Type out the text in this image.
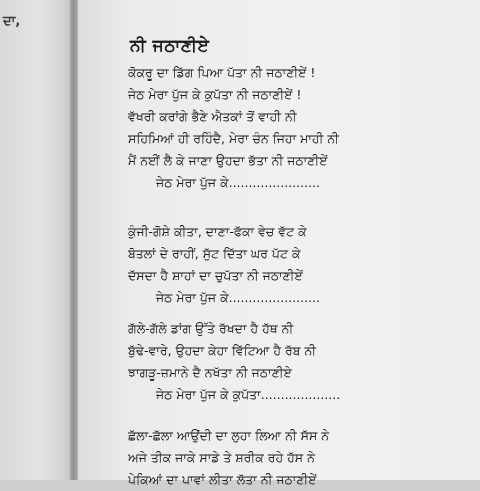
ਦਾ,
ਨੀ ਜਠਾਣੀਏ
ਕੋਕਰੂ ਦਾ ਡਿੱਗ ਪਿਆ ਪੱਤਾ ਨੀ ਜਠਾਣੀਏਂ !
ਜੇਠ ਮੇਰਾ ਪੁੱਜ ਕੇ ਕੁਪੱਤਾ ਨੀ ਜਠਾਣੀਏਂ !
ਵੱਖਰੀ ਕਰਾਂਗੇ ਭੈਣੇ ਐਤਕਾਂ ਤੋਂ ਵਾਹੀ ਨੀ
ਸਹਿਮਿਆਂ ਹੀ ਰਹਿੰਦੈ, ਮੇਰਾ ਚੰਨ ਜਿਹਾ ਮਾਹੀ ਨੀ
ਮੈਂ ਨਈਂ ਲੈ ਕੇ ਜਾਣਾ ਉਹਦਾ ਭੱਤਾ ਨੀ ਜਠਾਣੀਏਂ
ਜੇਠ ਮੇਰਾ ਪੁੱਜ ਕੇ.......................
ਕੁੰਜੀ-ਗੋਸ਼ੇ ਕੀਤਾ, ਦਾਣਾ-ਫੱਕਾ ਵੇਚ ਵੱਟ ਕੇ
ਬੋਤਲਾਂ ਦੇ ਰਾਹੀਂ, ਸੁੱਟ ਦਿੱਤਾ ਘਰ ਪੱਟ ਕੇ
ਦੱਸਦਾ ਹੈ ਸ਼ਾਹਾਂ ਦਾ ਚੁਪੱਤਾ ਨੀ ਜਠਾਣੀਏਂ
ਜੇਠ ਮੇਰਾ ਪੁੱਜ ਕੇ.......................
ਗੱਲੇ-ਗੱਲੇ ਡਾਂਗ ਉੱਤੇ ਰੱਖਦਾ ਹੈ ਹੱਥ ਨੀ
ਬੁੱਢੇ-ਵਾਰੇ, ਉਹਦਾ ਕੇਹਾ ਵਿੱਟਿਆ ਹੈ ਰੱਬ ਨੀ
ਝਾਗੜੂ-ਜ਼ਮਾਨੇ ਦੈ ਨਖੱਤਾ ਨੀ ਜਠਾਣੀਏ
ਜੇਠ ਮੇਰਾ ਪੁੱਜ ਕੇ ਕੁਪੱਤਾ....................
ਛੱਲਾ-ਛੱਲਾ ਆਉਂਦੀ ਦਾ ਲੁਹਾ ਲਿਆ ਨੀ ਸੱਸ ਨੇ
ਅਜੇ ਤੀਕ ਜਾਕੇ ਸਾਡੇ ਤੇ ਸ਼ਰੀਕ ਰਹੇ ਹੱਸ ਨੇ
ਪੇਕਿਆਂ ਦਾ ਪਾਵਾਂ ਲੀਤਾ ਲੱਤਾ ਨੀ ਜਠਾਣੀਏਂ
